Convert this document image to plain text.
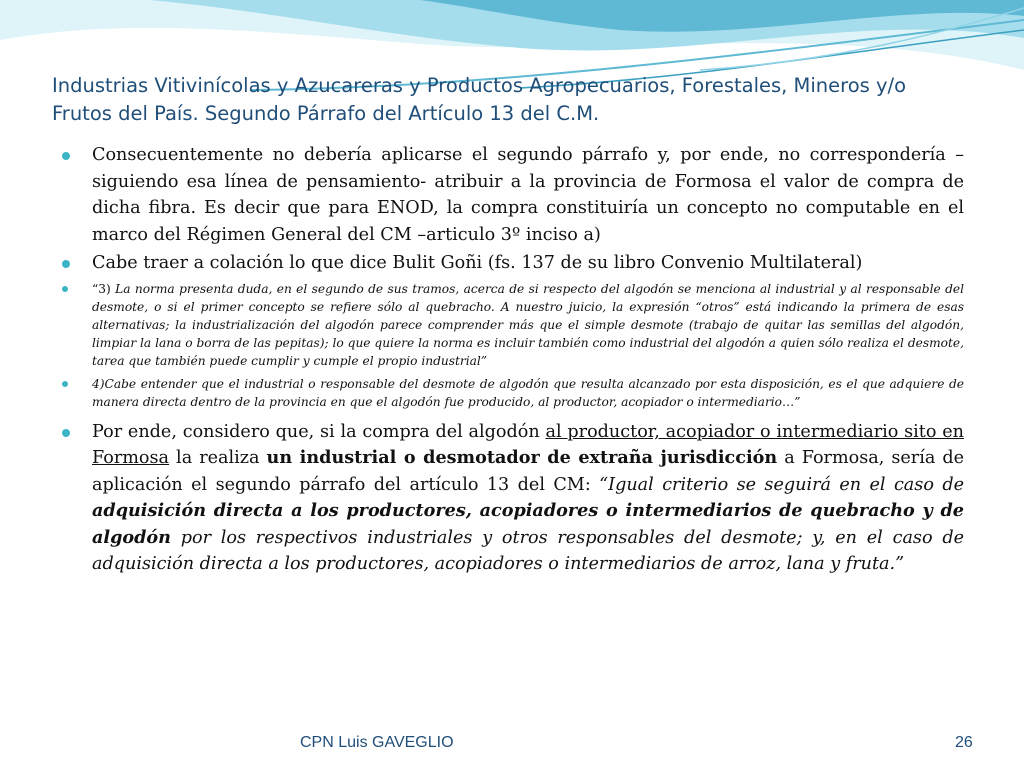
Industrias Vitivinícolas y Azucareras y Productos Agropecuarios, Forestales, Mineros y/o
Frutos del País. Segundo Párrafo del Artículo 13 del C.M.
Consecuentemente no debería aplicarse el segundo párrafo y, por ende, no correspondería –siguiendo esa línea de pensamiento- atribuir a la provincia de Formosa el valor de compra de dicha fibra. Es decir que para ENOD, la compra constituiría un concepto no computable en el marco del Régimen General del CM –articulo 3º inciso a)
Cabe traer a colación lo que dice Bulit Goñi (fs. 137 de su libro Convenio Multilateral)
“3) La norma presenta duda, en el segundo de sus tramos, acerca de si respecto del algodón se menciona al industrial y al responsable del desmote, o si el primer concepto se refiere sólo al quebracho. A nuestro juicio, la expresión “otros” está indicando la primera de esas alternativas; la industrialización del algodón parece comprender más que el simple desmote (trabajo de quitar las semillas del algodón, limpiar la lana o borra de las pepitas); lo que quiere la norma es incluir también como industrial del algodón a quien sólo realiza el desmote, tarea que también puede cumplir y cumple el propio industrial”
4)Cabe entender que el industrial o responsable del desmote de algodón que resulta alcanzado por esta disposición, es el que adquiere de manera directa dentro de la provincia en que el algodón fue producido, al productor, acopiador o intermediario…”
Por ende, considero que, si la compra del algodón al productor, acopiador o intermediario sito en Formosa la realiza un industrial o desmotador de extraña jurisdicción a Formosa, sería de aplicación el segundo párrafo del artículo 13 del CM: “Igual criterio se seguirá en el caso de adquisición directa a los productores, acopiadores o intermediarios de quebracho y de algodón por los respectivos industriales y otros responsables del desmote; y, en el caso de adquisición directa a los productores, acopiadores o intermediarios de arroz, lana y fruta.”
CPN Luis GAVEGLIO	26
